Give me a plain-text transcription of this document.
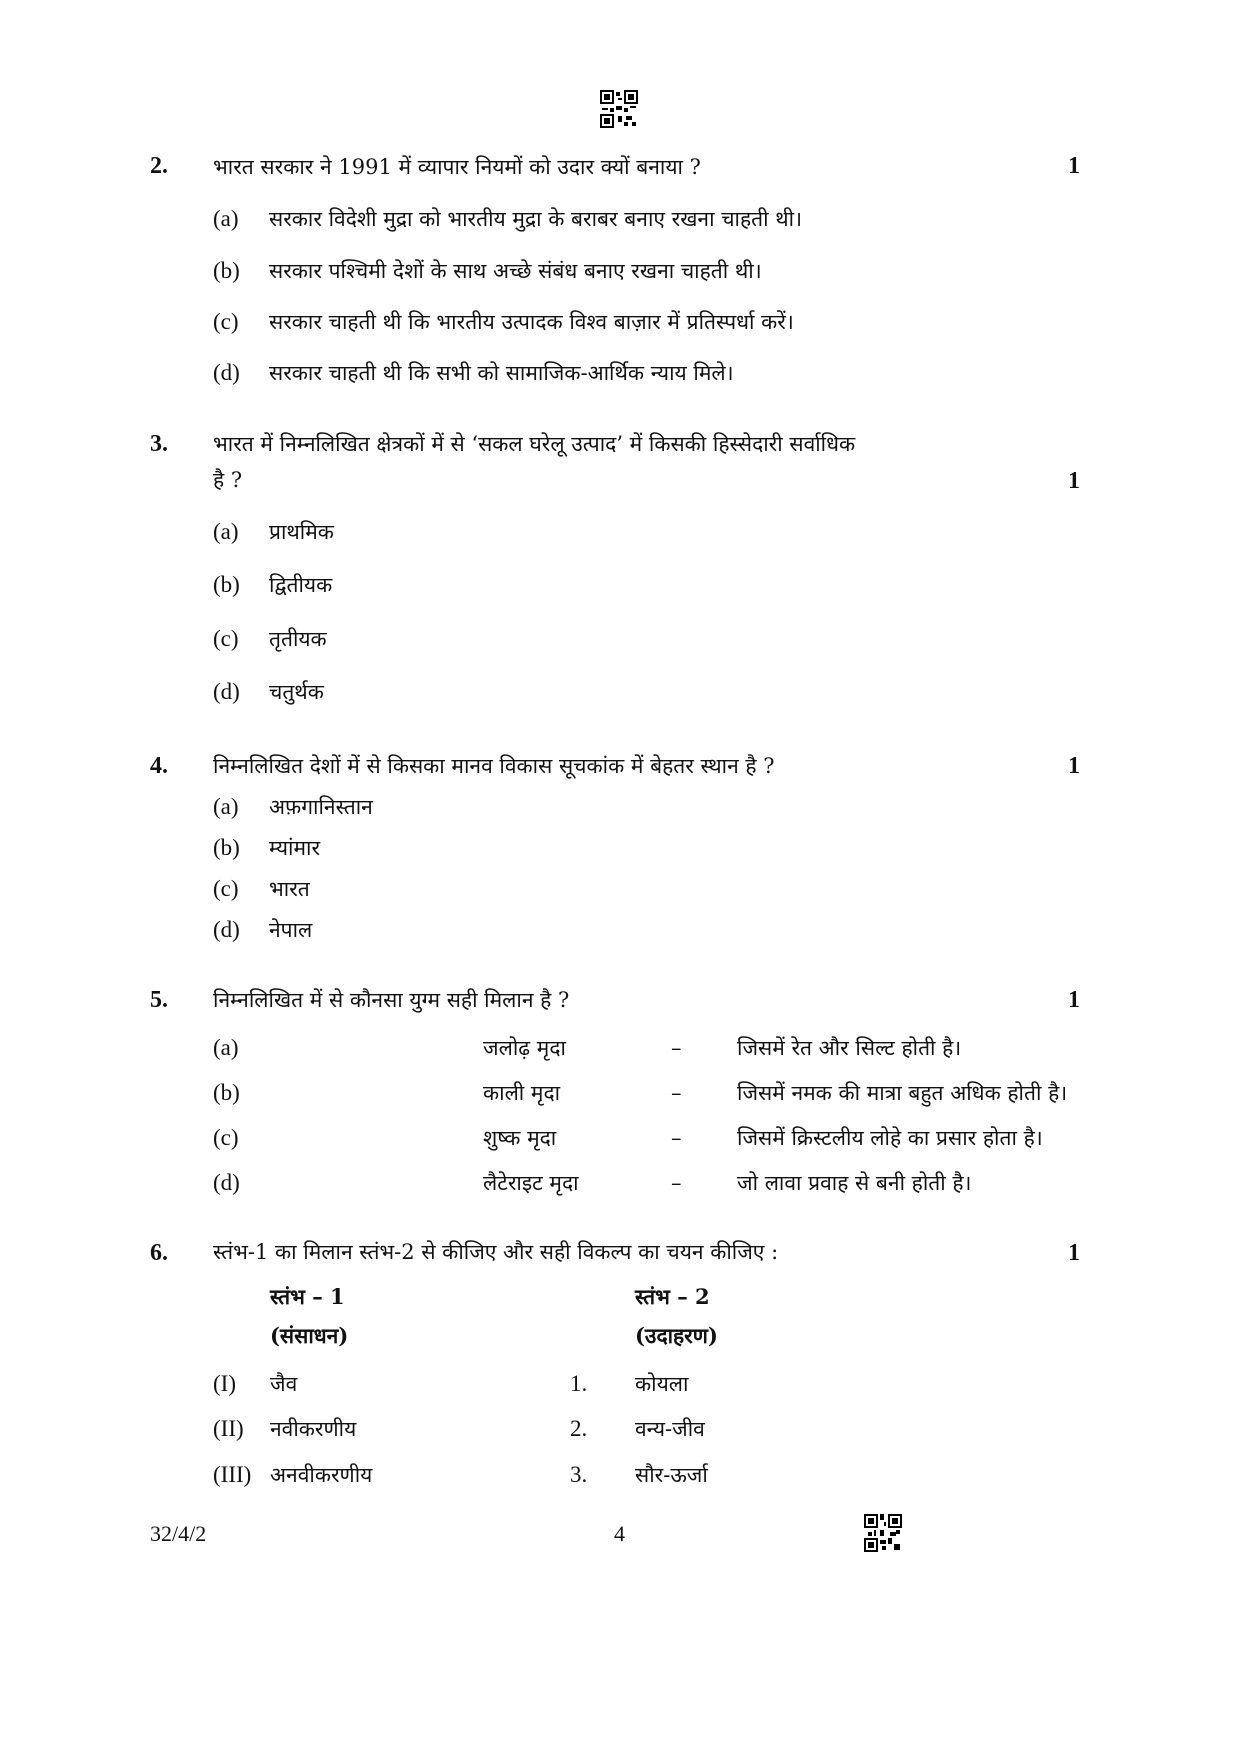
2. भारत सरकार ने 1991 में व्यापार नियमों को उदार क्यों बनाया ?	1
(a) सरकार विदेशी मुद्रा को भारतीय मुद्रा के बराबर बनाए रखना चाहती थी।
(b) सरकार पश्चिमी देशों के साथ अच्छे संबंध बनाए रखना चाहती थी।
(c) सरकार चाहती थी कि भारतीय उत्पादक विश्व बाज़ार में प्रतिस्पर्धा करें।
(d) सरकार चाहती थी कि सभी को सामाजिक-आर्थिक न्याय मिले।
3. भारत में निम्नलिखित क्षेत्रकों में से ‘सकल घरेलू उत्पाद’ में किसकी हिस्सेदारी सर्वाधिक
है ?	1
(a) प्राथमिक
(b) द्वितीयक
(c) तृतीयक
(d) चतुर्थक
4. निम्नलिखित देशों में से किसका मानव विकास सूचकांक में बेहतर स्थान है ?	1
(a) अफ़गानिस्तान
(b) म्यांमार
(c) भारत
(d) नेपाल
5. निम्नलिखित में से कौनसा युग्म सही मिलान है ?	1
(a)	जलोढ़ मृदा	–	जिसमें रेत और सिल्ट होती है।
(b)	काली मृदा	–	जिसमें नमक की मात्रा बहुत अधिक होती है।
(c)	शुष्क मृदा	–	जिसमें क्रिस्टलीय लोहे का प्रसार होता है।
(d)	लैटेराइट मृदा	–	जो लावा प्रवाह से बनी होती है।
6. स्तंभ-1 का मिलान स्तंभ-2 से कीजिए और सही विकल्प का चयन कीजिए :	1
स्तंभ – 1	स्तंभ – 2
(संसाधन)	(उदाहरण)
(I) जैव	1. कोयला
(II) नवीकरणीय	2. वन्य-जीव
(III) अनवीकरणीय	3. सौर-ऊर्जा
32/4/2	4
